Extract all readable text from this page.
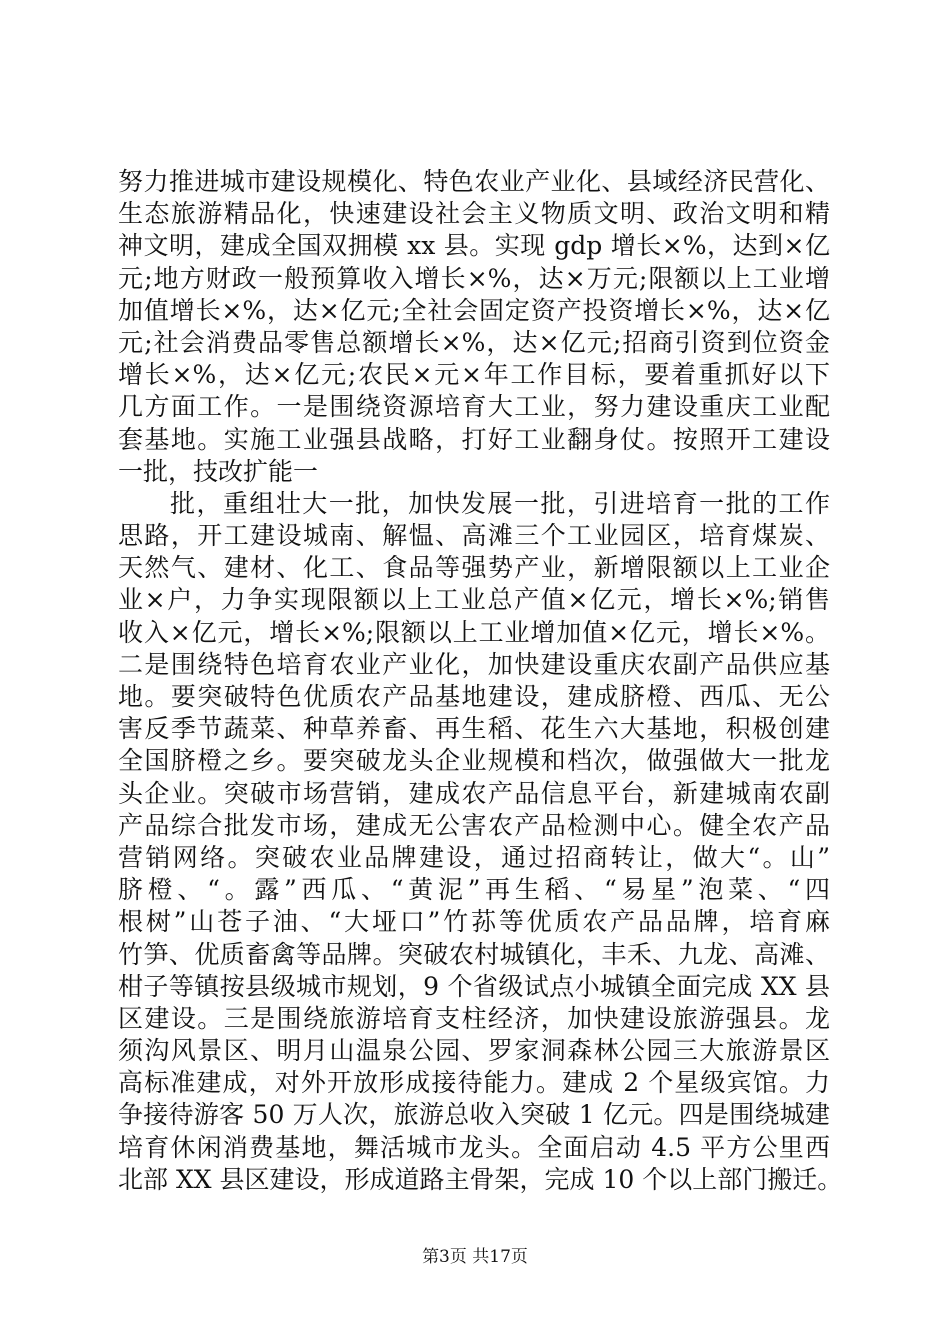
努力推进城市建设规模化、特色农业产业化、县域经济民营化、
生态旅游精品化，快速建设社会主义物质文明、政治文明和精
神文明，建成全国双拥模 xx 县。实现 gdp 增长×%，达到×亿
元;地方财政一般预算收入增长×%，达×万元;限额以上工业增
加值增长×%，达×亿元;全社会固定资产投资增长×%，达×亿
元;社会消费品零售总额增长×%，达×亿元;招商引资到位资金
增长×%，达×亿元;农民×元×年工作目标，要着重抓好以下
几方面工作。一是围绕资源培育大工业，努力建设重庆工业配
套基地。实施工业强县战略，打好工业翻身仗。按照开工建设
一批，技改扩能一
批，重组壮大一批，加快发展一批，引进培育一批的工作
思路，开工建设城南、解愠、高滩三个工业园区，培育煤炭、
天然气、建材、化工、食品等强势产业，新增限额以上工业企
业×户，力争实现限额以上工业总产值×亿元，增长×%;销售
收入×亿元，增长×%;限额以上工业增加值×亿元，增长×%。
二是围绕特色培育农业产业化，加快建设重庆农副产品供应基
地。要突破特色优质农产品基地建设，建成脐橙、西瓜、无公
害反季节蔬菜、种草养畜、再生稻、花生六大基地，积极创建
全国脐橙之乡。要突破龙头企业规模和档次，做强做大一批龙
头企业。突破市场营销，建成农产品信息平台，新建城南农副
产品综合批发市场，建成无公害农产品检测中心。健全农产品
营销网络。突破农业品牌建设，通过招商转让，做大“。山”
脐橙、“。露”西瓜、“黄泥”再生稻、“易星”泡菜、“四
根树”山苍子油、“大垭口”竹荪等优质农产品品牌，培育麻
竹笋、优质畜禽等品牌。突破农村城镇化，丰禾、九龙、高滩、
柑子等镇按县级城市规划，9 个省级试点小城镇全面完成 XX 县
区建设。三是围绕旅游培育支柱经济，加快建设旅游强县。龙
须沟风景区、明月山温泉公园、罗家洞森林公园三大旅游景区
高标准建成，对外开放形成接待能力。建成 2 个星级宾馆。力
争接待游客 50 万人次，旅游总收入突破 1 亿元。四是围绕城建
培育休闲消费基地，舞活城市龙头。全面启动 4.5 平方公里西
北部 XX 县区建设，形成道路主骨架，完成 10 个以上部门搬迁。
第3页 共17页
